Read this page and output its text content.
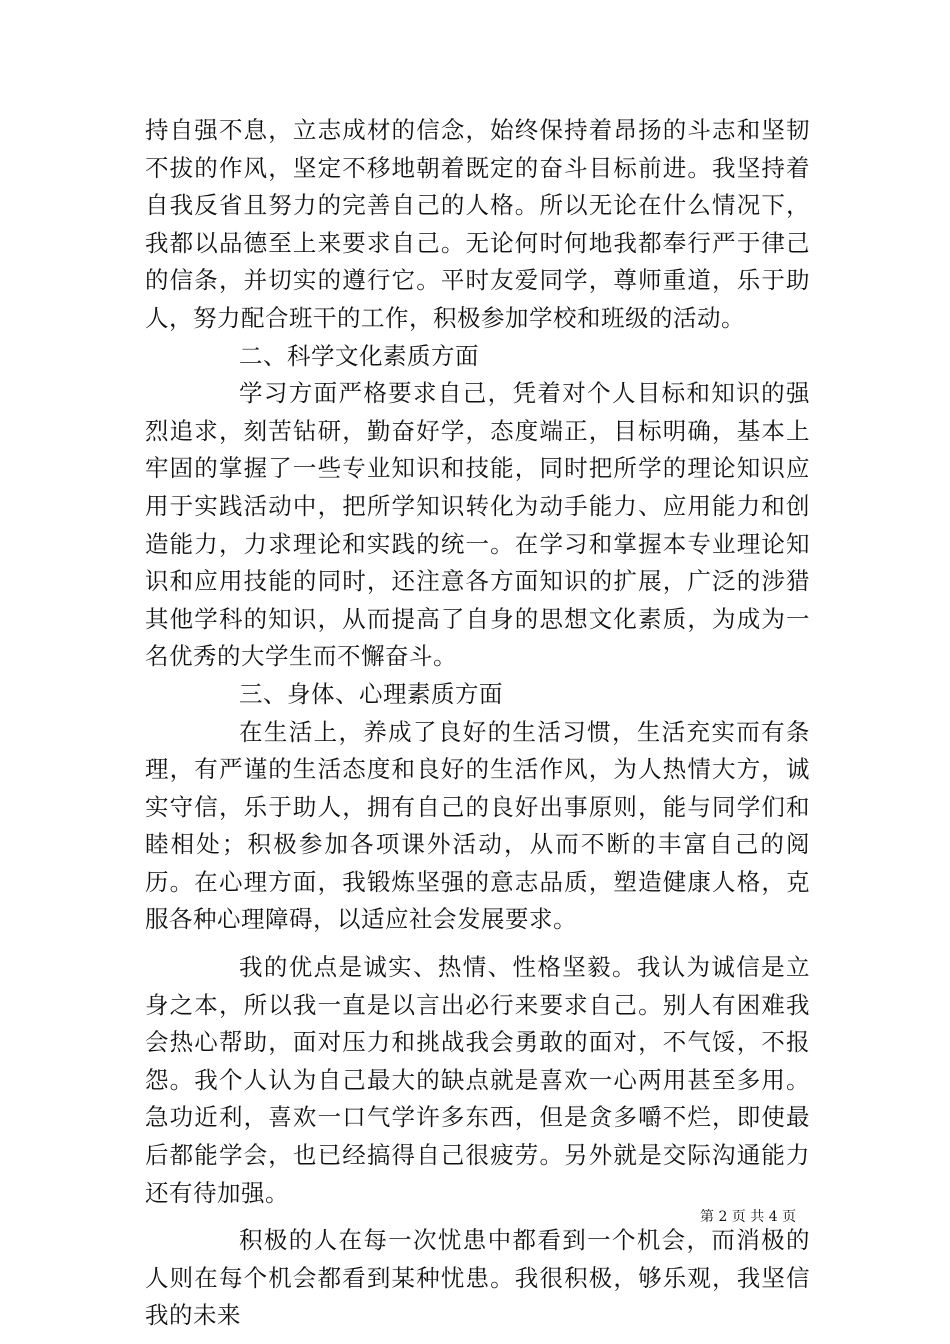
持自强不息，立志成材的信念，始终保持着昂扬的斗志和坚韧不拔的作风，坚定不移地朝着既定的奋斗目标前进。我坚持着自我反省且努力的完善自己的人格。所以无论在什么情况下，我都以品德至上来要求自己。无论何时何地我都奉行严于律己的信条，并切实的遵行它。平时友爱同学，尊师重道，乐于助人，努力配合班干的工作，积极参加学校和班级的活动。

二、科学文化素质方面

学习方面严格要求自己，凭着对个人目标和知识的强烈追求，刻苦钻研，勤奋好学，态度端正，目标明确，基本上牢固的掌握了一些专业知识和技能，同时把所学的理论知识应用于实践活动中，把所学知识转化为动手能力、应用能力和创造能力，力求理论和实践的统一。在学习和掌握本专业理论知识和应用技能的同时，还注意各方面知识的扩展，广泛的涉猎其他学科的知识，从而提高了自身的思想文化素质，为成为一名优秀的大学生而不懈奋斗。

三、身体、心理素质方面

在生活上，养成了良好的生活习惯，生活充实而有条理，有严谨的生活态度和良好的生活作风，为人热情大方，诚实守信，乐于助人，拥有自己的良好出事原则，能与同学们和睦相处；积极参加各项课外活动，从而不断的丰富自己的阅历。在心理方面，我锻炼坚强的意志品质，塑造健康人格，克服各种心理障碍，以适应社会发展要求。

我的优点是诚实、热情、性格坚毅。我认为诚信是立身之本，所以我一直是以言出必行来要求自己。别人有困难我会热心帮助，面对压力和挑战我会勇敢的面对，不气馁，不报怨。我个人认为自己最大的缺点就是喜欢一心两用甚至多用。急功近利，喜欢一口气学许多东西，但是贪多嚼不烂，即使最后都能学会，也已经搞得自己很疲劳。另外就是交际沟通能力还有待加强。

积极的人在每一次忧患中都看到一个机会，而消极的人则在每个机会都看到某种忧患。我很积极，够乐观，我坚信我的未来

第 2 页 共 4 页
